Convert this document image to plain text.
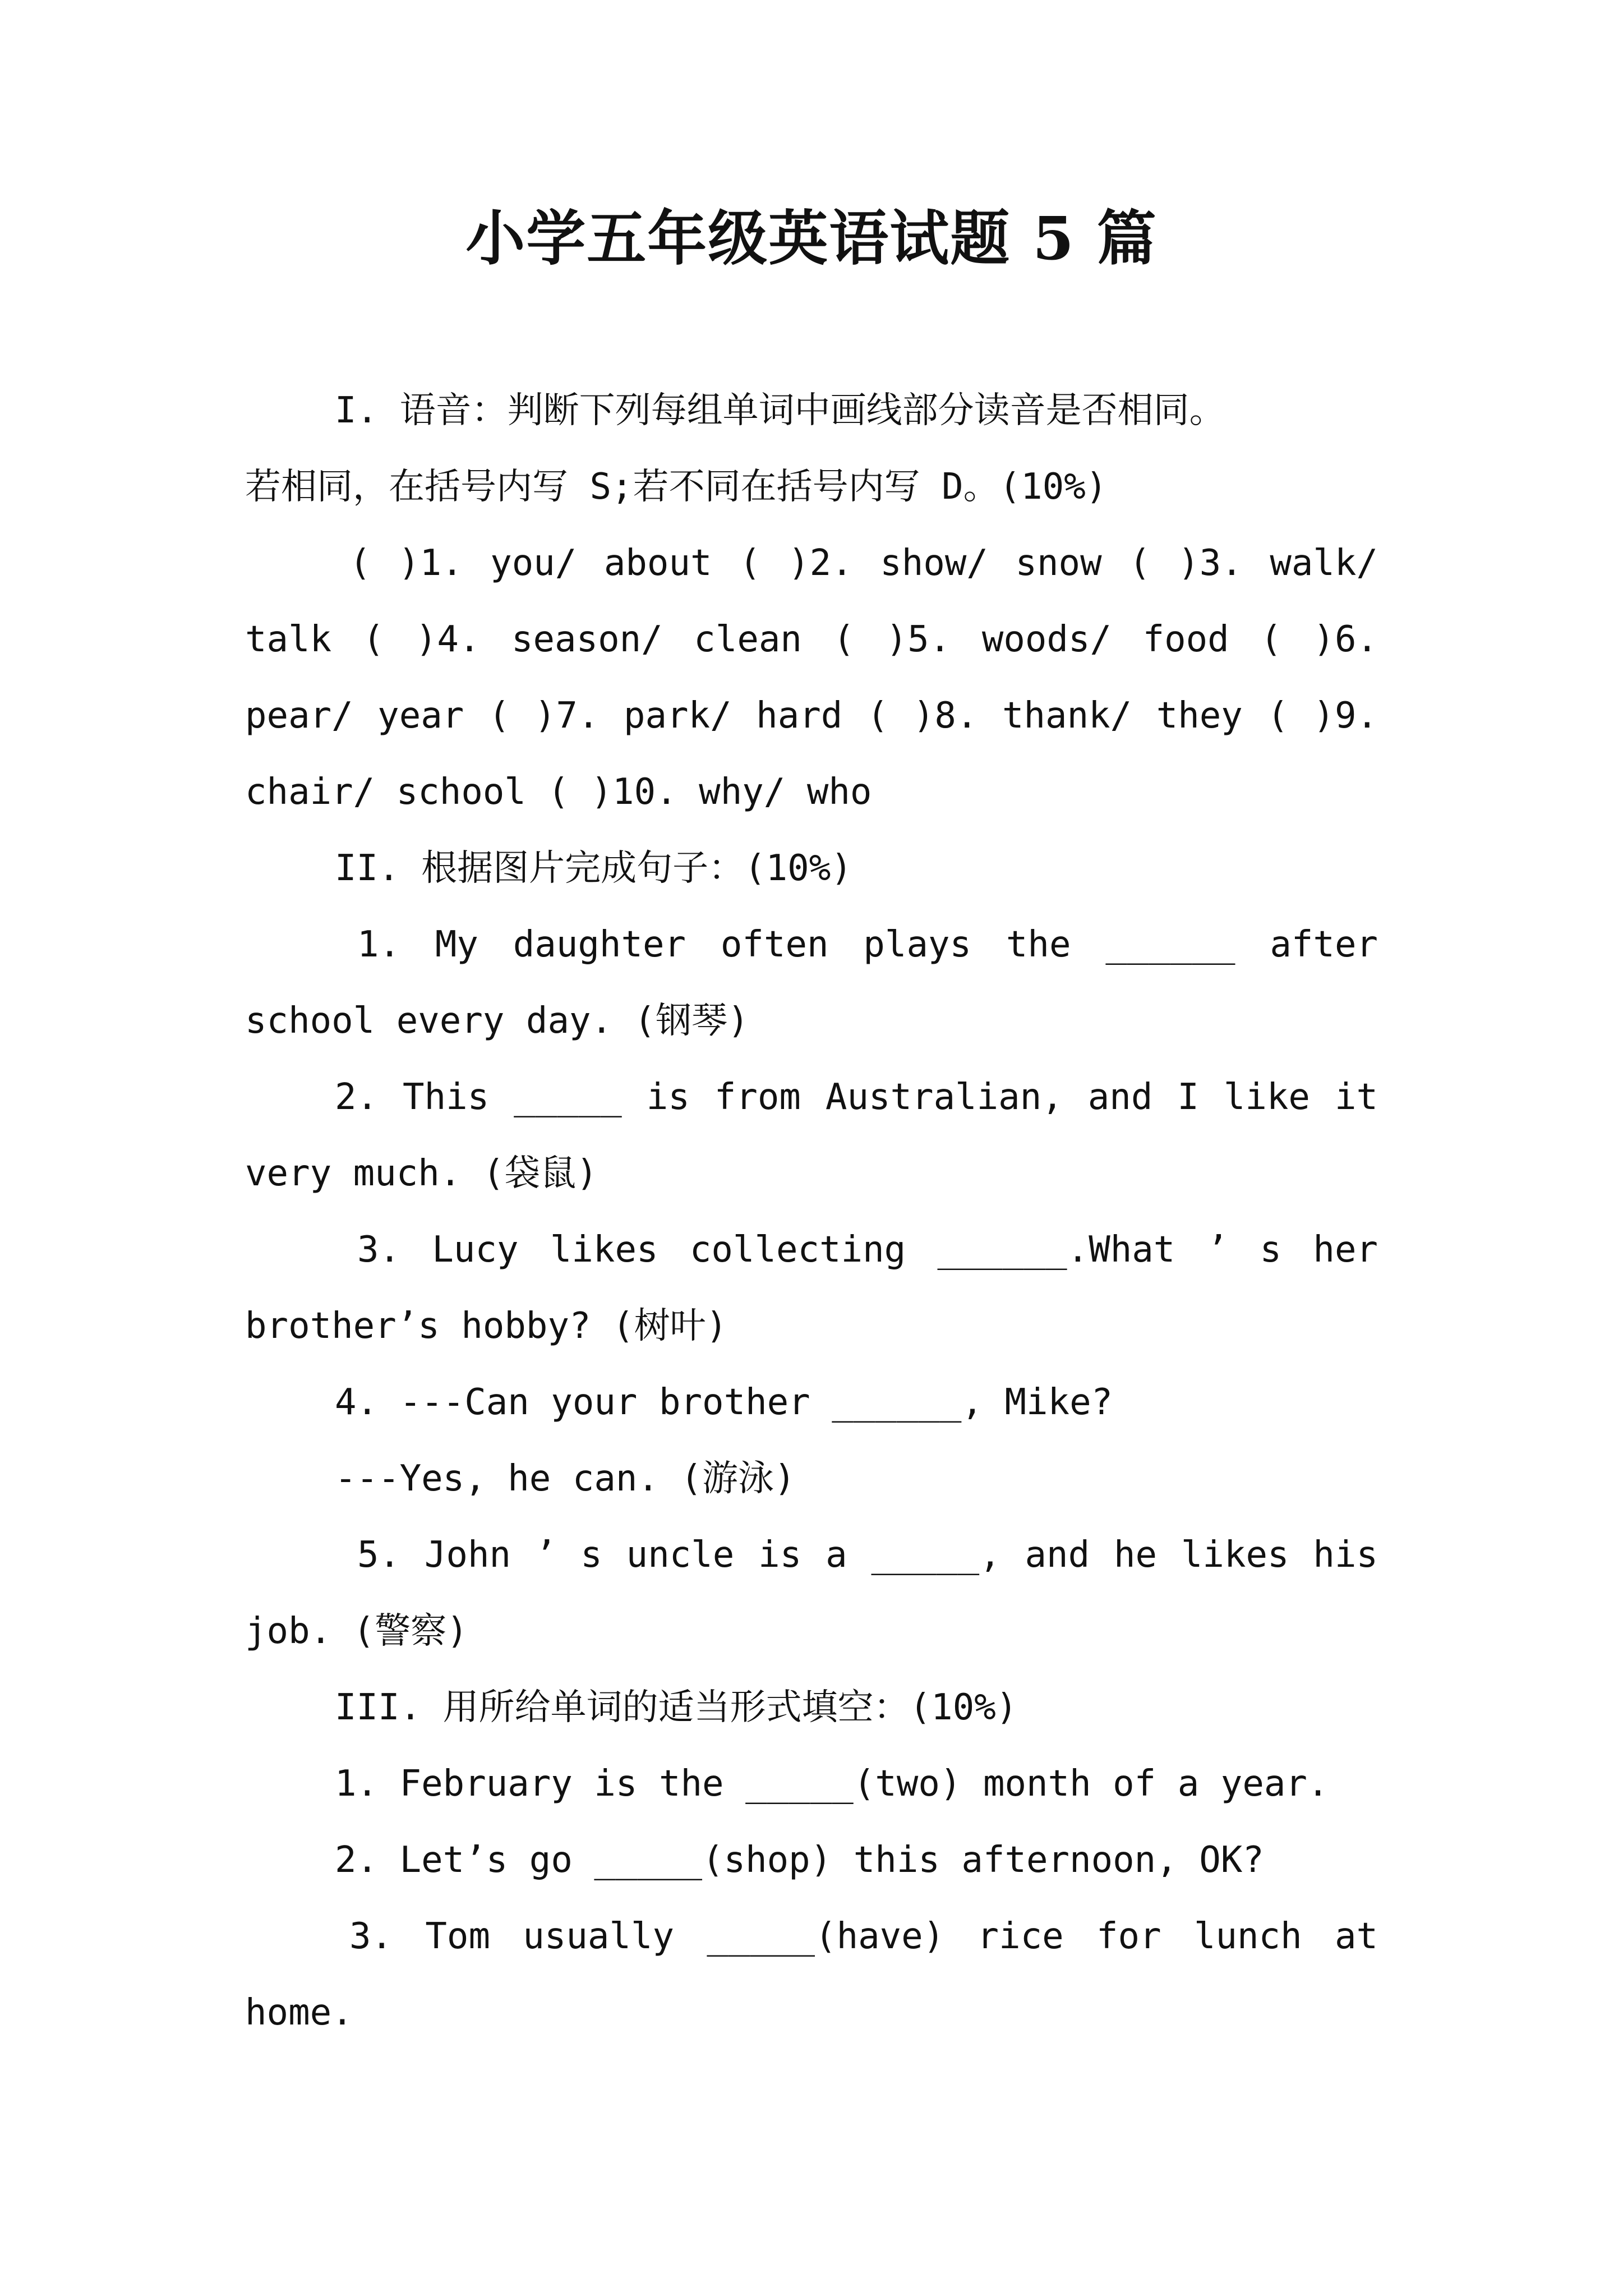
小学五年级英语试题 5 篇
I. 语音：判断下列每组单词中画线部分读音是否相同。
若相同，在括号内写 S;若不同在括号内写 D。(10%)
( )1. you/ about ( )2. show/ snow ( )3. walk/
talk ( )4. season/ clean ( )5. woods/ food ( )6.
pear/ year ( )7. park/ hard ( )8. thank/ they ( )9.
chair/ school ( )10. why/ who
II. 根据图片完成句子：(10%)
1. My daughter often plays the ______ after
school every day. (钢琴)
2. This _____ is from Australian, and I like it
very much. (袋鼠)
3. Lucy likes collecting ______.What ’ s her
brother’s hobby? (树叶)
4. ---Can your brother ______, Mike?
---Yes, he can. (游泳)
5. John ’ s uncle is a _____, and he likes his
job. (警察)
III. 用所给单词的适当形式填空：(10%)
1. February is the _____(two) month of a year.
2. Let’s go _____(shop) this afternoon, OK?
3. Tom usually _____(have) rice for lunch at
home.
